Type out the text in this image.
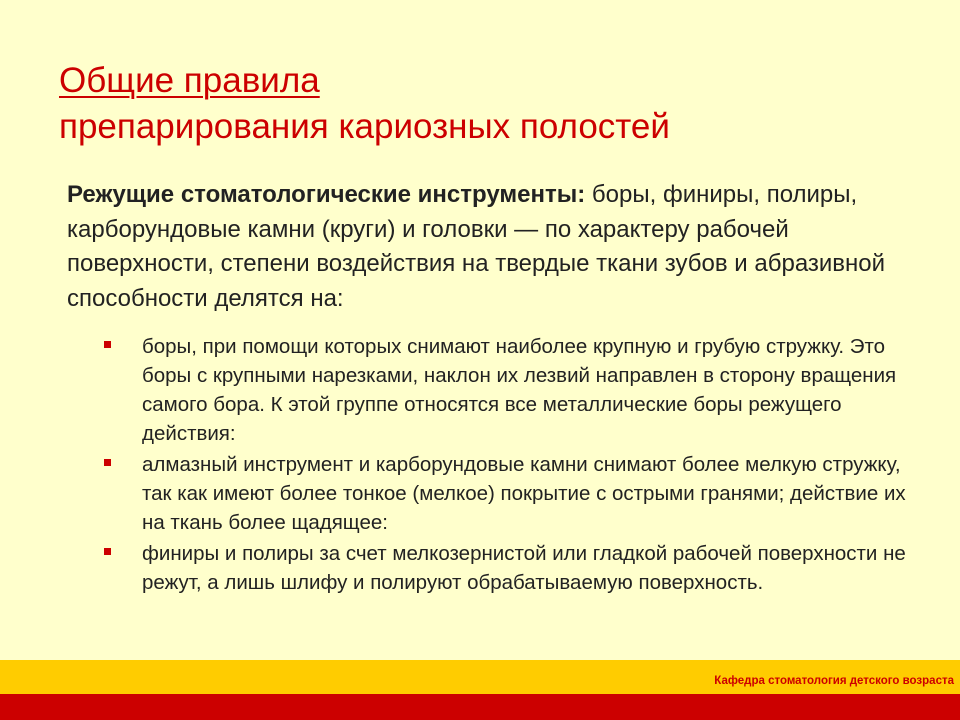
Общие правила
препарирования кариозных полостей
Режущие стоматологические инструменты: боры, финиры, полиры, карборундовые камни (круги) и головки — по характеру рабочей поверхности, степени воздействия на твердые ткани зубов и абразивной способности делятся на:
боры, при помощи которых снимают наиболее крупную и грубую стружку. Это боры с крупными нарезками, наклон их лезвий направлен в сторону вращения самого бора. К этой группе относятся все металлические боры режущего действия:
алмазный инструмент и карборундовые камни снимают более мелкую стружку, так как имеют более тонкое (мелкое) покрытие с острыми гранями; действие их на ткань более щадящее:
финиры и полиры за счет мелкозернистой или гладкой рабочей поверхности не режут, а лишь шлифу и полируют обрабатываемую поверхность.
Кафедра стоматология детского возраста
